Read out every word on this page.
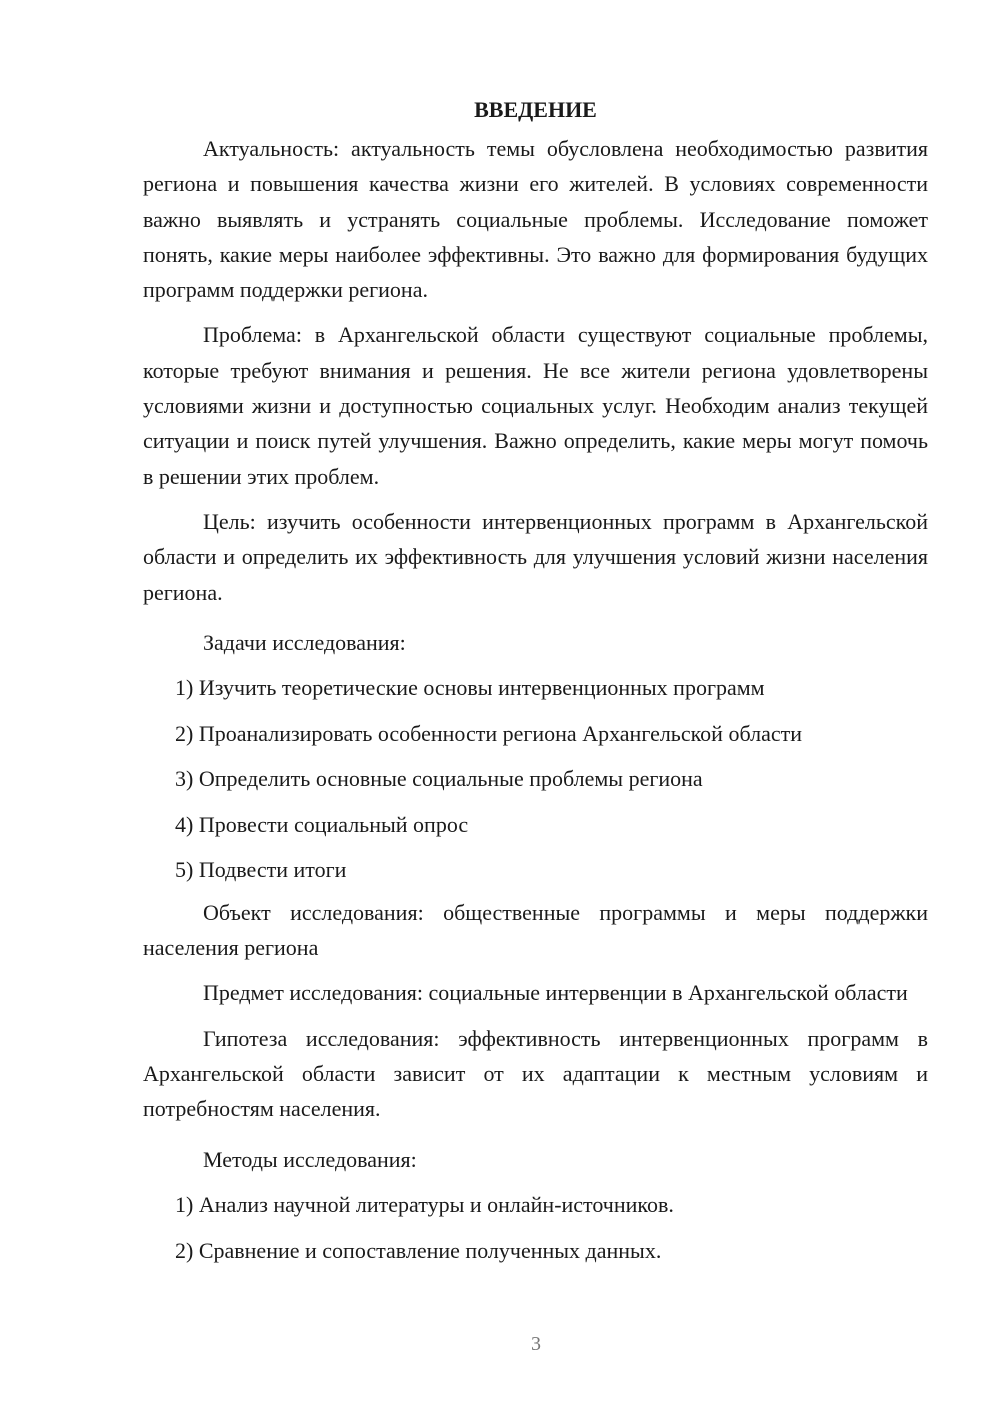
ВВЕДЕНИЕ

Актуальность: актуальность темы обусловлена необходимостью развития региона и повышения качества жизни его жителей. В условиях современности важно выявлять и устранять социальные проблемы. Исследование поможет понять, какие меры наиболее эффективны. Это важно для формирования будущих программ поддержки региона.

Проблема: в Архангельской области существуют социальные проблемы, которые требуют внимания и решения. Не все жители региона удовлетворены условиями жизни и доступностью социальных услуг. Необходим анализ текущей ситуации и поиск путей улучшения. Важно определить, какие меры могут помочь в решении этих проблем.

Цель: изучить особенности интервенционных программ в Архангельской области и определить их эффективность для улучшения условий жизни населения региона.

Задачи исследования:
1) Изучить теоретические основы интервенционных программ
2) Проанализировать особенности региона Архангельской области
3) Определить основные социальные проблемы региона
4) Провести социальный опрос
5) Подвести итоги

Объект исследования: общественные программы и меры поддержки населения региона

Предмет исследования: социальные интервенции в Архангельской области

Гипотеза исследования: эффективность интервенционных программ в Архангельской области зависит от их адаптации к местным условиям и потребностям населения.

Методы исследования:
1) Анализ научной литературы и онлайн-источников.
2) Сравнение и сопоставление полученных данных.
3
